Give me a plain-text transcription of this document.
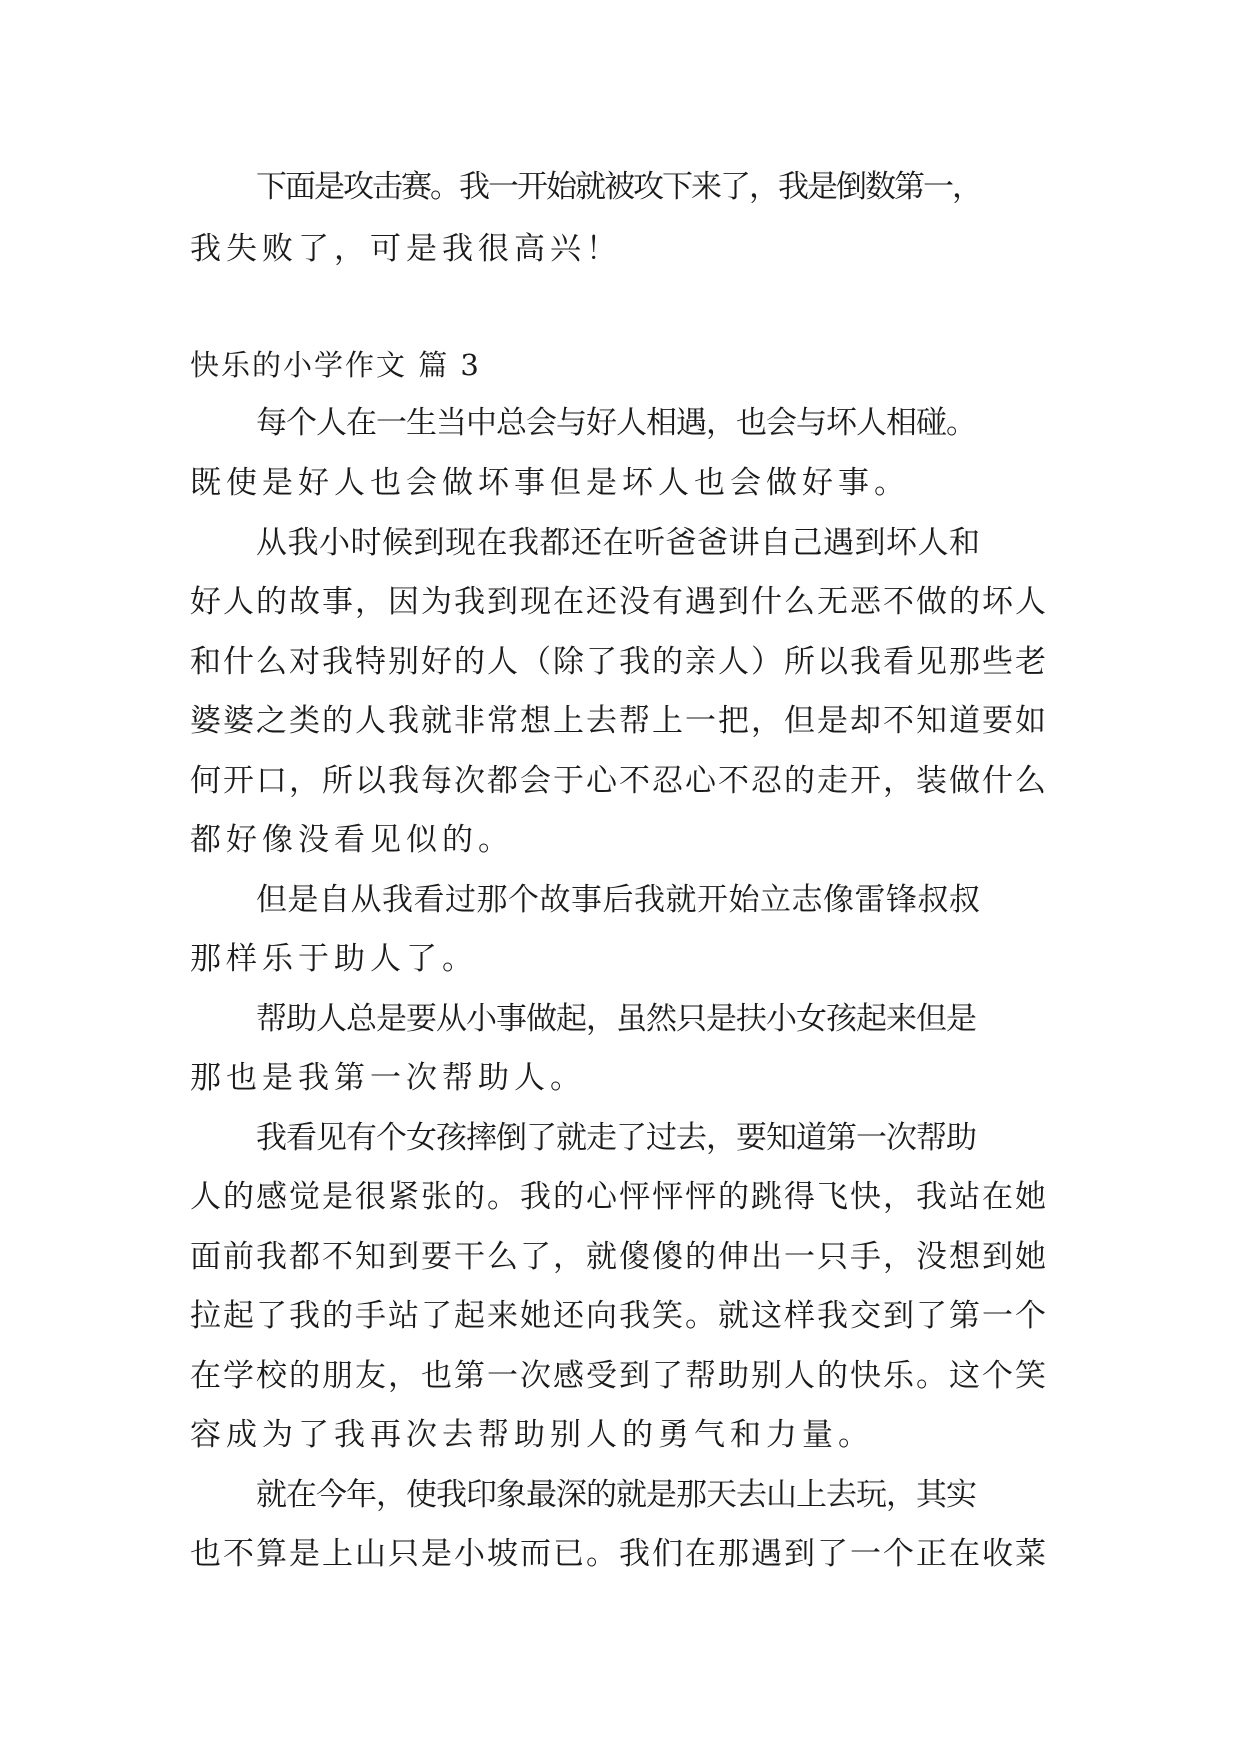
下面是攻击赛。我一开始就被攻下来了，我是倒数第一，
我失败了，可是我很高兴！
快乐的小学作文 篇 3
每个人在一生当中总会与好人相遇，也会与坏人相碰。
既使是好人也会做坏事但是坏人也会做好事。
从我小时候到现在我都还在听爸爸讲自己遇到坏人和
好人的故事，因为我到现在还没有遇到什么无恶不做的坏人
和什么对我特别好的人（除了我的亲人）所以我看见那些老
婆婆之类的人我就非常想上去帮上一把，但是却不知道要如
何开口，所以我每次都会于心不忍心不忍的走开，装做什么
都好像没看见似的。
但是自从我看过那个故事后我就开始立志像雷锋叔叔
那样乐于助人了。
帮助人总是要从小事做起，虽然只是扶小女孩起来但是
那也是我第一次帮助人。
我看见有个女孩摔倒了就走了过去，要知道第一次帮助
人的感觉是很紧张的。我的心怦怦怦的跳得飞快，我站在她
面前我都不知到要干么了，就傻傻的伸出一只手，没想到她
拉起了我的手站了起来她还向我笑。就这样我交到了第一个
在学校的朋友，也第一次感受到了帮助别人的快乐。这个笑
容成为了我再次去帮助别人的勇气和力量。
就在今年，使我印象最深的就是那天去山上去玩，其实
也不算是上山只是小坡而已。我们在那遇到了一个正在收菜
